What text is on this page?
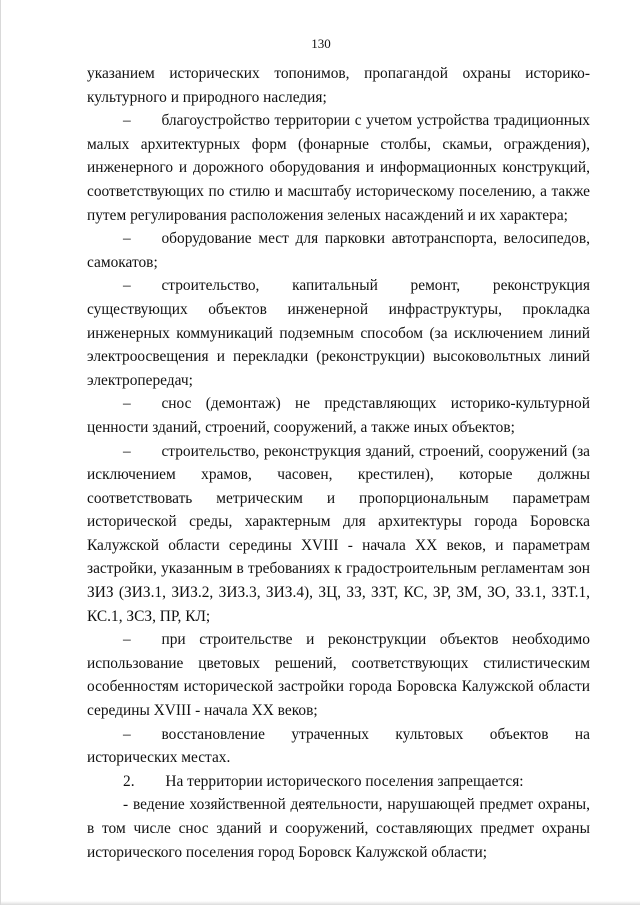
130

указанием исторических топонимов, пропагандой охраны историко-культурного и природного наследия;

–  благоустройство территории с учетом устройства традиционных малых архитектурных форм (фонарные столбы, скамьи, ограждения), инженерного и дорожного оборудования и информационных конструкций, соответствующих по стилю и масштабу историческому поселению, а также путем регулирования расположения зеленых насаждений и их характера;

–  оборудование мест для парковки автотранспорта, велосипедов, самокатов;

–  строительство, капитальный ремонт, реконструкция существующих объектов инженерной инфраструктуры, прокладка инженерных коммуникаций подземным способом (за исключением линий электроосвещения и перекладки (реконструкции) высоковольтных линий электропередач;

–  снос (демонтаж) не представляющих историко-культурной ценности зданий, строений, сооружений, а также иных объектов;

–  строительство, реконструкция зданий, строений, сооружений (за исключением храмов, часовен, крестилен), которые должны соответствовать метрическим и пропорциональным параметрам исторической среды, характерным для архитектуры города Боровска Калужской области середины XVIII - начала XX веков, и параметрам застройки, указанным в требованиях к градостроительным регламентам зон ЗИЗ (ЗИЗ.1, ЗИЗ.2, ЗИЗ.3, ЗИЗ.4), ЗЦ, ЗЗ, ЗЗТ, КС, ЗР, ЗМ, ЗО, ЗЗ.1, ЗЗТ.1, КС.1, ЗСЗ, ПР, КЛ;

–  при строительстве и реконструкции объектов необходимо использование цветовых решений, соответствующих стилистическим особенностям исторической застройки города Боровска Калужской области середины XVIII - начала XX веков;

–  восстановление утраченных культовых объектов на исторических местах.

2.  На территории исторического поселения запрещается:

- ведение хозяйственной деятельности, нарушающей предмет охраны, в том числе снос зданий и сооружений, составляющих предмет охраны исторического поселения город Боровск Калужской области;
